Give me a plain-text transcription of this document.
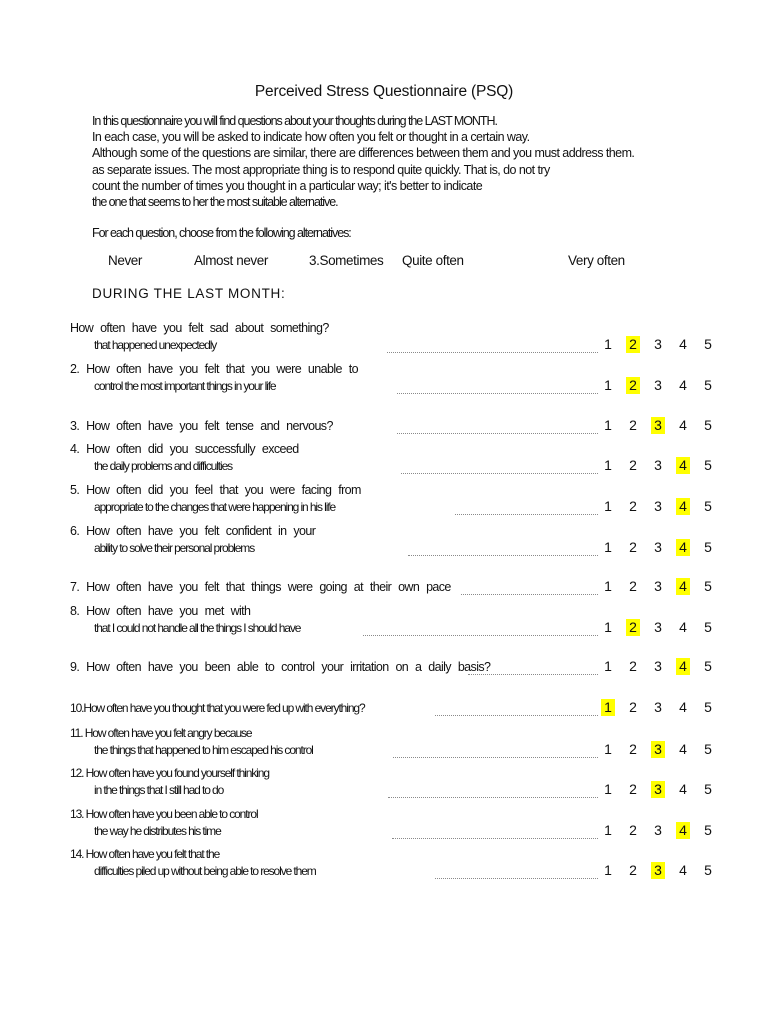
Perceived Stress Questionnaire (PSQ)
In this questionnaire you will find questions about your thoughts during the LAST MONTH.
In each case, you will be asked to indicate how often you felt or thought in a certain way.
Although some of the questions are similar, there are differences between them and you must address them.
as separate issues. The most appropriate thing is to respond quite quickly. That is, do not try
count the number of times you thought in a particular way; it's better to indicate
the one that seems to her the most suitable alternative.
For each question, choose from the following alternatives:
Never	Almost never	3.Sometimes Quite often	Very often
DURING THE LAST MONTH:
How often have you felt sad about something?
that happened unexpectedly	1 2 3 4 5
2. How often have you felt that you were unable to
control the most important things in your life	1 2 3 4 5
3. How often have you felt tense and nervous?	1 2 3 4 5
4. How often did you successfully exceed
the daily problems and difficulties	1 2 3 4 5
5. How often did you feel that you were facing from
appropriate to the changes that were happening in his life	1 2 3 4 5
6. How often have you felt confident in your
ability to solve their personal problems	1 2 3 4 5
7. How often have you felt that things were going at their own pace	1 2 3 4 5
8. How often have you met with
that I could not handle all the things I should have	1 2 3 4 5
9. How often have you been able to control your irritation on a daily basis?	1 2 3 4 5
10.How often have you thought that you were fed up with everything?	1 2 3 4 5
11. How often have you felt angry because
the things that happened to him escaped his control	1 2 3 4 5
12. How often have you found yourself thinking
in the things that I still had to do	1 2 3 4 5
13. How often have you been able to control
the way he distributes his time	1 2 3 4 5
14. How often have you felt that the
difficulties piled up without being able to resolve them	1 2 3 4 5
